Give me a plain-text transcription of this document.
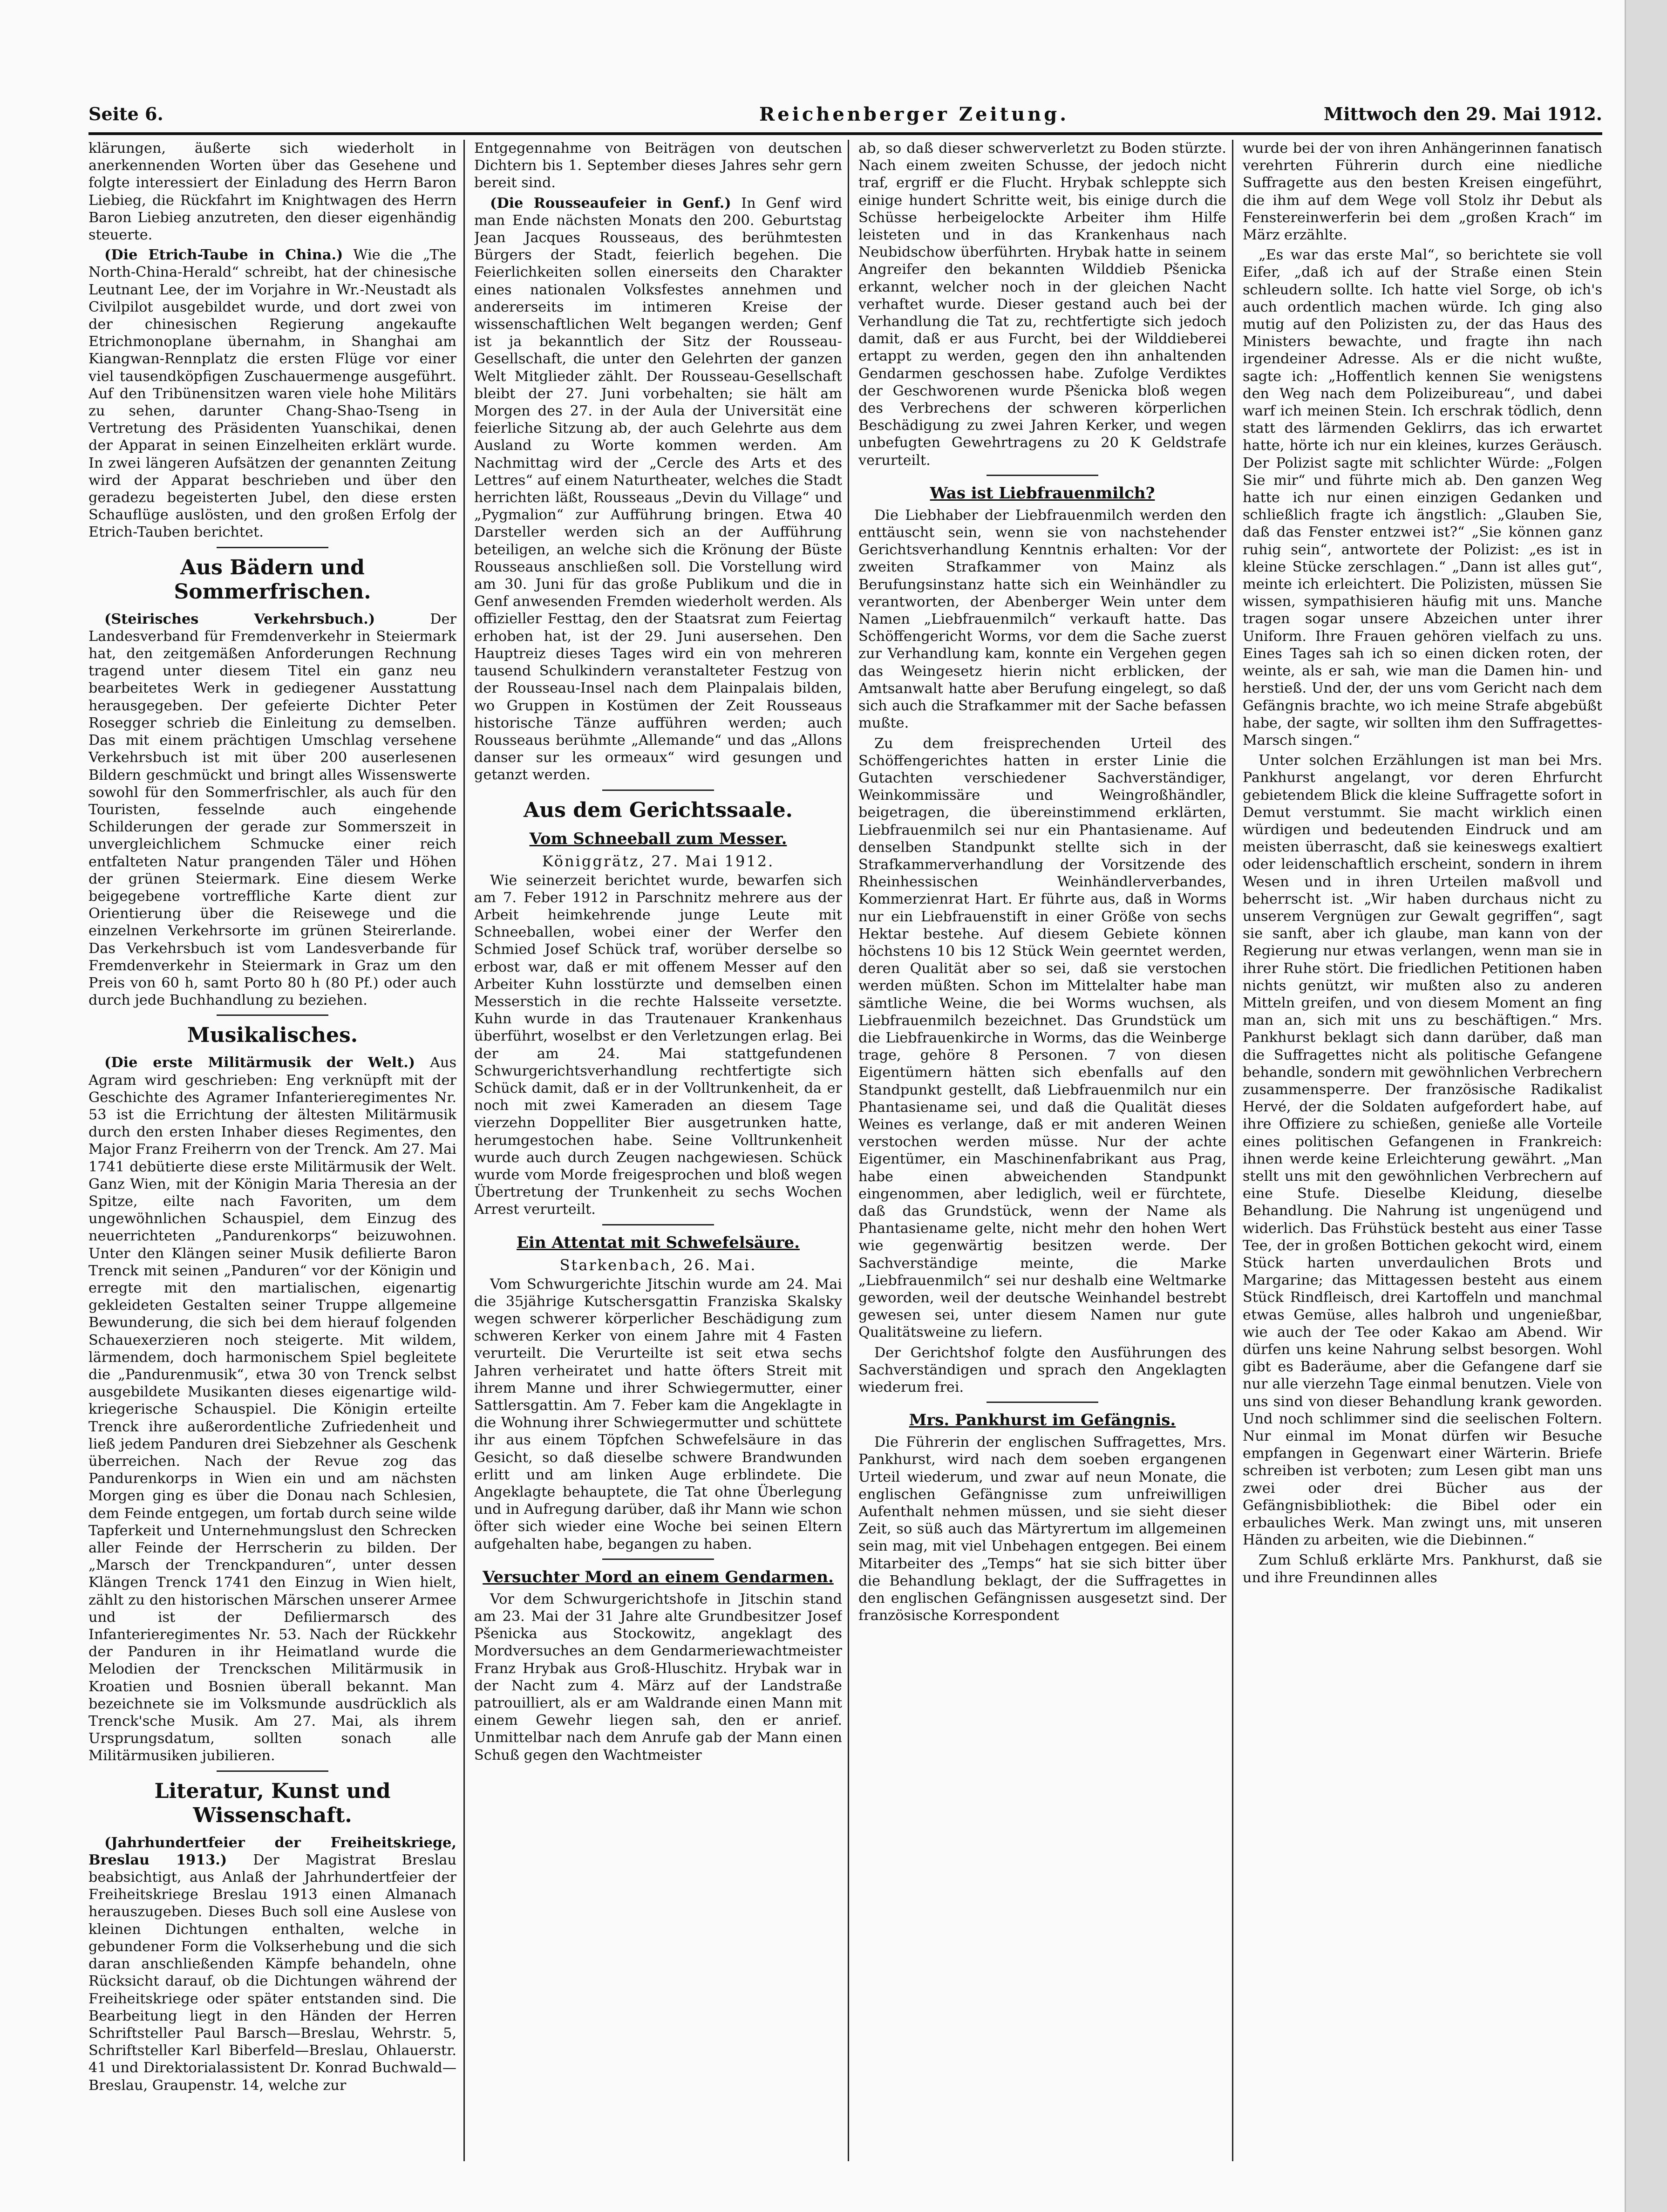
Seite 6.	Reichenberger Zeitung.	Mittwoch den 29. Mai 1912.

klärungen, äußerte sich wiederholt in anerkennenden Worten über das Gesehene und folgte interessiert der Einladung des Herrn Baron Liebieg, die Rückfahrt im Knightwagen des Herrn Baron Liebieg anzutreten, den dieser eigenhändig steuerte.

(Die Etrich-Taube in China.) Wie die „The North-China-Herald“ schreibt, hat der chinesische Leutnant Lee, der im Vorjahre in Wr.-Neustadt als Civilpilot ausgebildet wurde, und dort zwei von der chinesischen Regierung angekaufte Etrichmonoplane übernahm, in Shanghai am Kiangwan-Rennplatz die ersten Flüge vor einer viel tausendköpfigen Zuschauermenge ausgeführt. Auf den Tribünensitzen waren viele hohe Militärs zu sehen, darunter Chang-Shao-Tseng in Vertretung des Präsidenten Yuanschikai, denen der Apparat in seinen Einzelheiten erklärt wurde. In zwei längeren Aufsätzen der genannten Zeitung wird der Apparat beschrieben und über den geradezu begeisterten Jubel, den diese ersten Schauflüge auslösten, und den großen Erfolg der Etrich-Tauben berichtet.

Aus Bädern und Sommerfrischen.

(Steirisches Verkehrsbuch.)	Der Landesverband für Fremdenverkehr in Steiermark hat, den zeitgemäßen Anforderungen Rechnung tragend unter diesem Titel ein ganz neu bearbeitetes Werk in gediegener Ausstattung herausgegeben. Der gefeierte Dichter Peter Rosegger schrieb die Einleitung zu demselben. Das mit einem prächtigen Umschlag versehene Verkehrsbuch ist mit über 200 auserlesenen Bildern geschmückt und bringt alles Wissenswerte sowohl für den Sommerfrischler, als auch für den Touristen, fesselnde auch eingehende Schilderungen der gerade zur Sommerszeit in unvergleichlichem Schmucke einer reich entfalteten Natur prangenden Täler und Höhen der grünen Steiermark. Eine diesem Werke beigegebene vortreffliche Karte dient zur Orientierung über die Reisewege und die einzelnen Verkehrsorte im grünen Steirerlande. Das Verkehrsbuch ist vom Landesverbande für Fremdenverkehr in Steiermark in Graz um den Preis von 60 h, samt Porto 80 h (80 Pf.) oder auch durch jede Buchhandlung zu beziehen.

Musikalisches.

(Die erste Militärmusik der Welt.) Aus Agram wird geschrieben: Eng verknüpft mit der Geschichte des Agramer Infanterieregimentes Nr. 53 ist die Errichtung der ältesten Militärmusik durch den ersten Inhaber dieses Regimentes, den Major Franz Freiherrn von der Trenck. Am 27. Mai 1741 debütierte diese erste Militärmusik der Welt. Ganz Wien, mit der Königin Maria Theresia an der Spitze, eilte nach Favoriten, um dem ungewöhnlichen Schauspiel, dem Einzug des neuerrichteten „Pandurenkorps“ beizuwohnen. Unter den Klängen seiner Musik defilierte Baron Trenck mit seinen „Panduren“ vor der Königin und erregte mit den martialischen, eigenartig gekleideten Gestalten seiner Truppe allgemeine Bewunderung, die sich bei dem hierauf folgenden Schauexerzieren noch steigerte. Mit wildem, lärmendem, doch harmonischem Spiel begleitete die „Pandurenmusik“, etwa 30 von Trenck selbst ausgebildete Musikanten dieses eigenartige wild-kriegerische Schauspiel. Die Königin erteilte Trenck ihre außerordentliche Zufriedenheit und ließ jedem Panduren drei Siebzehner als Geschenk überreichen. Nach der Revue zog das Pandurenkorps in Wien ein und am nächsten Morgen ging es über die Donau nach Schlesien, dem Feinde entgegen, um fortab durch seine wilde Tapferkeit und Unternehmungslust den Schrecken aller Feinde der Herrscherin zu bilden. Der „Marsch der Trenckpanduren“, unter dessen Klängen Trenck 1741 den Einzug in Wien hielt, zählt zu den historischen Märschen unserer Armee und ist der Defiliermarsch des Infanterieregimentes Nr. 53. Nach der Rückkehr der Panduren in ihr Heimatland wurde die Melodien der Trenckschen Militärmusik in Kroatien und Bosnien überall bekannt. Man bezeichnete sie im Volksmunde ausdrücklich als Trenck'sche Musik. Am 27. Mai, als ihrem Ursprungsdatum, sollten sonach alle Militärmusiken jubilieren.

Literatur, Kunst und Wissenschaft.

(Jahrhundertfeier der Freiheitskriege, Breslau 1913.) Der Magistrat Breslau beabsichtigt, aus Anlaß der Jahrhundertfeier der Freiheitskriege Breslau 1913 einen Almanach herauszugeben. Dieses Buch soll eine Auslese von kleinen Dichtungen enthalten, welche in gebundener Form die Volkserhebung und die sich daran anschließenden Kämpfe behandeln, ohne Rücksicht darauf, ob die Dichtungen während der Freiheitskriege oder später entstanden sind. Die Bearbeitung liegt in den Händen der Herren Schriftsteller Paul Barsch—Breslau, Wehrstr. 5, Schriftsteller Karl Biberfeld—Breslau, Ohlauerstr. 41 und Direktorialassistent Dr. Konrad Buchwald—Breslau, Graupenstr. 14, welche zur

Entgegennahme von Beiträgen von deutschen Dichtern bis 1. September dieses Jahres sehr gern bereit sind.

(Die Rousseaufeier in Genf.) In Genf wird man Ende nächsten Monats den 200. Geburtstag Jean Jacques Rousseaus, des berühmtesten Bürgers der Stadt, feierlich begehen. Die Feierlichkeiten sollen einerseits den Charakter eines nationalen Volksfestes annehmen und andererseits im intimeren Kreise der wissenschaftlichen Welt begangen werden; Genf ist ja bekanntlich der Sitz der Rousseau-Gesellschaft, die unter den Gelehrten der ganzen Welt Mitglieder zählt. Der Rousseau-Gesellschaft bleibt der 27. Juni vorbehalten; sie hält am Morgen des 27. in der Aula der Universität eine feierliche Sitzung ab, der auch Gelehrte aus dem Ausland zu Worte kommen werden. Am Nachmittag wird der „Cercle des Arts et des Lettres“ auf einem Naturtheater, welches die Stadt herrichten läßt, Rousseaus „Devin du Village“ und „Pygmalion“ zur Aufführung bringen. Etwa 40 Darsteller werden sich an der Aufführung beteiligen, an welche sich die Krönung der Büste Rousseaus anschließen soll. Die Vorstellung wird am 30. Juni für das große Publikum und die in Genf anwesenden Fremden wiederholt werden. Als offizieller Festtag, den der Staatsrat zum Feiertag erhoben hat, ist der 29. Juni ausersehen. Den Hauptreiz dieses Tages wird ein von mehreren tausend Schulkindern veranstalteter Festzug von der Rousseau-Insel nach dem Plainpalais bilden, wo Gruppen in Kostümen der Zeit Rousseaus historische Tänze aufführen werden; auch Rousseaus berühmte „Allemande“ und das „Allons danser sur les ormeaux“ wird gesungen und getanzt werden.

Aus dem Gerichtssaale.
Vom Schneeball zum Messer.
Königgrätz, 27. Mai 1912.

Wie seinerzeit berichtet wurde, bewarfen sich am 7. Feber 1912 in Parschnitz mehrere aus der Arbeit heimkehrende junge Leute mit Schneeballen, wobei einer der Werfer den Schmied Josef Schück traf, worüber derselbe so erbost war, daß er mit offenem Messer auf den Arbeiter Kuhn losstürzte und demselben einen Messerstich in die rechte Halsseite versetzte. Kuhn wurde in das Trautenauer Krankenhaus überführt, woselbst er den Verletzungen erlag. Bei der am 24. Mai stattgefundenen Schwurgerichtsverhandlung rechtfertigte sich Schück damit, daß er in der Volltrunkenheit, da er noch mit zwei Kameraden an diesem Tage vierzehn Doppelliter Bier ausgetrunken hatte, herumgestochen habe. Seine Volltrunkenheit wurde auch durch Zeugen nachgewiesen. Schück wurde vom Morde freigesprochen und bloß wegen Übertretung der Trunkenheit zu sechs Wochen Arrest verurteilt.

Ein Attentat mit Schwefelsäure.
Starkenbach, 26. Mai.

Vom Schwurgerichte Jitschin wurde am 24. Mai die 35jährige Kutschersgattin Franziska Skalsky wegen schwerer körperlicher Beschädigung zum schweren Kerker von einem Jahre mit 4 Fasten verurteilt. Die Verurteilte ist seit etwa sechs Jahren verheiratet und hatte öfters Streit mit ihrem Manne und ihrer Schwiegermutter, einer Sattlersgattin. Am 7. Feber kam die Angeklagte in die Wohnung ihrer Schwiegermutter und schüttete ihr aus einem Töpfchen Schwefelsäure in das Gesicht, so daß dieselbe schwere Brandwunden erlitt und am linken Auge erblindete. Die Angeklagte behauptete, die Tat ohne Überlegung und in Aufregung darüber, daß ihr Mann wie schon öfter sich wieder eine Woche bei seinen Eltern aufgehalten habe, begangen zu haben.

Versuchter Mord an einem Gendarmen.

Vor dem Schwurgerichtshofe in Jitschin stand am 23. Mai der 31 Jahre alte Grundbesitzer Josef Pšenicka aus Stockowitz, angeklagt des Mordversuches an dem Gendarmeriewachtmeister Franz Hrybak aus Groß-Hluschitz. Hrybak war in der Nacht zum 4. März auf der Landstraße patrouilliert, als er am Waldrande einen Mann mit einem Gewehr liegen sah, den er anrief. Unmittelbar nach dem Anrufe gab der Mann einen Schuß gegen den Wachtmeister

ab, so daß dieser schwerverletzt zu Boden stürzte. Nach einem zweiten Schusse, der jedoch nicht traf, ergriff er die Flucht. Hrybak schleppte sich einige hundert Schritte weit, bis einige durch die Schüsse herbeigelockte Arbeiter ihm Hilfe leisteten und in das Krankenhaus nach Neubidschow überführten. Hrybak hatte in seinem Angreifer den bekannten Wilddieb Pšenicka erkannt, welcher noch in der gleichen Nacht verhaftet wurde. Dieser gestand auch bei der Verhandlung die Tat zu, rechtfertigte sich jedoch damit, daß er aus Furcht, bei der Wilddieberei ertappt zu werden, gegen den ihn anhaltenden Gendarmen geschossen habe. Zufolge Verdiktes der Geschworenen wurde Pšenicka bloß wegen des Verbrechens der schweren körperlichen Beschädigung zu zwei Jahren Kerker, und wegen unbefugten Gewehrtragens zu 20 K Geldstrafe verurteilt.

Was ist Liebfrauenmilch?

Die Liebhaber der Liebfrauenmilch werden den enttäuscht sein, wenn sie von nachstehender Gerichtsverhandlung Kenntnis erhalten: Vor der zweiten Strafkammer von Mainz als Berufungsinstanz hatte sich ein Weinhändler zu verantworten, der Abenberger Wein unter dem Namen „Liebfrauenmilch“ verkauft hatte. Das Schöffengericht Worms, vor dem die Sache zuerst zur Verhandlung kam, konnte ein Vergehen gegen das Weingesetz hierin nicht erblicken, der Amtsanwalt hatte aber Berufung eingelegt, so daß sich auch die Strafkammer mit der Sache befassen mußte.

Zu dem freisprechenden Urteil des Schöffengerichtes hatten in erster Linie die Gutachten verschiedener Sachverständiger, Weinkommissäre und Weingroßhändler, beigetragen, die übereinstimmend erklärten, Liebfrauenmilch sei nur ein Phantasiename. Auf denselben Standpunkt stellte sich in der Strafkammerverhandlung der Vorsitzende des Rheinhessischen Weinhändlerverbandes, Kommerzienrat Hart. Er führte aus, daß in Worms nur ein Liebfrauenstift in einer Größe von sechs Hektar bestehe. Auf diesem Gebiete können höchstens 10 bis 12 Stück Wein geerntet werden, deren Qualität aber so sei, daß sie verstochen werden müßten. Schon im Mittelalter habe man sämtliche Weine, die bei Worms wuchsen, als Liebfrauenmilch bezeichnet. Das Grundstück um die Liebfrauenkirche in Worms, das die Weinberge trage, gehöre 8 Personen. 7 von diesen Eigentümern hätten sich ebenfalls auf den Standpunkt gestellt, daß Liebfrauenmilch nur ein Phantasiename sei, und daß die Qualität dieses Weines es verlange, daß er mit anderen Weinen verstochen werden müsse. Nur der achte Eigentümer, ein Maschinenfabrikant aus Prag, habe einen abweichenden Standpunkt eingenommen, aber lediglich, weil er fürchtete, daß das Grundstück, wenn der Name als Phantasiename gelte, nicht mehr den hohen Wert wie gegenwärtig besitzen werde. Der Sachverständige meinte, die Marke „Liebfrauenmilch“ sei nur deshalb eine Weltmarke geworden, weil der deutsche Weinhandel bestrebt gewesen sei, unter diesem Namen nur gute Qualitätsweine zu liefern.

Der Gerichtshof folgte den Ausführungen des Sachverständigen und sprach den Angeklagten wiederum frei.

Mrs. Pankhurst im Gefängnis.

Die Führerin der englischen Suffragettes, Mrs. Pankhurst, wird nach dem soeben ergangenen Urteil wiederum, und zwar auf neun Monate, die englischen Gefängnisse zum unfreiwilligen Aufenthalt nehmen müssen, und sie sieht dieser Zeit, so süß auch das Märtyrertum im allgemeinen sein mag, mit viel Unbehagen entgegen. Bei einem Mitarbeiter des „Temps“ hat sie sich bitter über die Behandlung beklagt, der die Suffragettes in den englischen Gefängnissen ausgesetzt sind. Der französische Korrespondent

wurde bei der von ihren Anhängerinnen fanatisch verehrten Führerin durch eine niedliche Suffragette aus den besten Kreisen eingeführt, die ihm auf dem Wege voll Stolz ihr Debut als Fenstereinwerferin bei dem „großen Krach“ im März erzählte.

„Es war das erste Mal“, so berichtete sie voll Eifer, „daß ich auf der Straße einen Stein schleudern sollte. Ich hatte viel Sorge, ob ich's auch ordentlich machen würde. Ich ging also mutig auf den Polizisten zu, der das Haus des Ministers bewachte, und fragte ihn nach irgendeiner Adresse. Als er die nicht wußte, sagte ich: „Hoffentlich kennen Sie wenigstens den Weg nach dem Polizeibureau“, und dabei warf ich meinen Stein. Ich erschrak tödlich, denn statt des lärmenden Geklirrs, das ich erwartet hatte, hörte ich nur ein kleines, kurzes Geräusch. Der Polizist sagte mit schlichter Würde: „Folgen Sie mir“ und führte mich ab. Den ganzen Weg hatte ich nur einen einzigen Gedanken und schließlich fragte ich ängstlich: „Glauben Sie, daß das Fenster entzwei ist?“ „Sie können ganz ruhig sein“, antwortete der Polizist: „es ist in kleine Stücke zerschlagen.“ „Dann ist alles gut“, meinte ich erleichtert. Die Polizisten, müssen Sie wissen, sympathisieren häufig mit uns. Manche tragen sogar unsere Abzeichen unter ihrer Uniform. Ihre Frauen gehören vielfach zu uns. Eines Tages sah ich so einen dicken roten, der weinte, als er sah, wie man die Damen hin- und herstieß. Und der, der uns vom Gericht nach dem Gefängnis brachte, wo ich meine Strafe abgebüßt habe, der sagte, wir sollten ihm den Suffragettes-Marsch singen.“

Unter solchen Erzählungen ist man bei Mrs. Pankhurst angelangt, vor deren Ehrfurcht gebietendem Blick die kleine Suffragette sofort in Demut verstummt. Sie macht wirklich einen würdigen und bedeutenden Eindruck und am meisten überrascht, daß sie keineswegs exaltiert oder leidenschaftlich erscheint, sondern in ihrem Wesen und in ihren Urteilen maßvoll und beherrscht ist. „Wir haben durchaus nicht zu unserem Vergnügen zur Gewalt gegriffen“, sagt sie sanft, aber ich glaube, man kann von der Regierung nur etwas verlangen, wenn man sie in ihrer Ruhe stört. Die friedlichen Petitionen haben nichts genützt, wir mußten also zu anderen Mitteln greifen, und von diesem Moment an fing man an, sich mit uns zu beschäftigen.“ Mrs. Pankhurst beklagt sich dann darüber, daß man die Suffragettes nicht als politische Gefangene behandle, sondern mit gewöhnlichen Verbrechern zusammensperre. Der französische Radikalist Hervé, der die Soldaten aufgefordert habe, auf ihre Offiziere zu schießen, genieße alle Vorteile eines politischen Gefangenen in Frankreich: ihnen werde keine Erleichterung gewährt. „Man stellt uns mit den gewöhnlichen Verbrechern auf eine Stufe. Dieselbe Kleidung, dieselbe Behandlung. Die Nahrung ist ungenügend und widerlich. Das Frühstück besteht aus einer Tasse Tee, der in großen Bottichen gekocht wird, einem Stück harten unverdaulichen Brots und Margarine; das Mittagessen besteht aus einem Stück Rindfleisch, drei Kartoffeln und manchmal etwas Gemüse, alles halbroh und ungenießbar, wie auch der Tee oder Kakao am Abend. Wir dürfen uns keine Nahrung selbst besorgen. Wohl gibt es Baderäume, aber die Gefangene darf sie nur alle vierzehn Tage einmal benutzen. Viele von uns sind von dieser Behandlung krank geworden. Und noch schlimmer sind die seelischen Foltern. Nur einmal im Monat dürfen wir Besuche empfangen in Gegenwart einer Wärterin. Briefe schreiben ist verboten; zum Lesen gibt man uns zwei oder drei Bücher aus der Gefängnisbibliothek: die Bibel oder ein erbauliches Werk. Man zwingt uns, mit unseren Händen zu arbeiten, wie die Diebinnen.“

Zum Schluß erklärte Mrs. Pankhurst, daß sie und ihre Freundinnen alles
